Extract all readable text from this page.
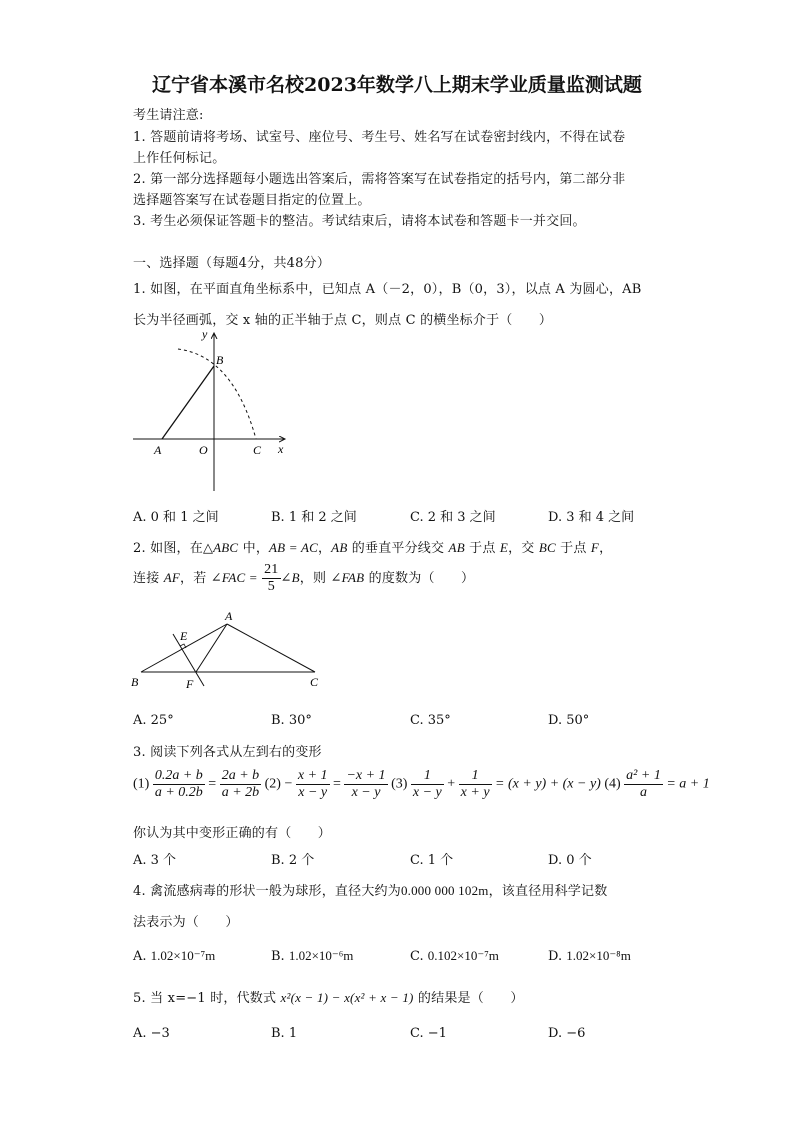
辽宁省本溪市名校2023年数学八上期末学业质量监测试题
考生请注意:
1. 答题前请将考场、试室号、座位号、考生号、姓名写在试卷密封线内，不得在试卷
上作任何标记。
2. 第一部分选择题每小题选出答案后，需将答案写在试卷指定的括号内，第二部分非
选择题答案写在试卷题目指定的位置上。
3. 考生必须保证答题卡的整洁。考试结束后，请将本试卷和答题卡一并交回。
一、选择题（每题4分，共48分）
1. 如图，在平面直角坐标系中，已知点 A（－2，0），B（0，3），以点 A 为圆心，AB
长为半径画弧，交 x 轴的正半轴于点 C，则点 C 的横坐标介于（　　）
y
B
A	O	C x
A. 0 和 1 之间	B. 1 和 2 之间	C. 2 和 3 之间	D. 3 和 4 之间
2. 如图，在△ABC 中，AB = AC，AB 的垂直平分线交 AB 于点 E，交 BC 于点 F，
连接 AF，若 ∠FAC = $\frac{21}{5}$ ∠B，则 ∠FAB 的度数为（　　）
A
E
B	F	C
A. 25°	B. 30°	C. 35°	D. 50°
3. 阅读下列各式从左到右的变形
$(1) \frac{0.2a + b}{a + 0.2b} = \frac{2a + b}{a + 2b} (2) - \frac{x + 1}{x - y} = \frac{-x + 1}{x - y} (3) \frac{1}{x - y} + \frac{1}{x + y} = (x + y) + (x - y)$ $(4) \frac{\text{a² + 1}}{a} = a + 1$
你认为其中变形正确的有（　　）
A. 3 个	B. 2 个	C. 1 个	D. 0 个
4. 禽流感病毒的形状一般为球形，直径大约为0.000 000 102m，该直径用科学记数
法表示为（　　）
A. 1.02×10⁻⁷m	B. 1.02×10⁻⁶m	C. 0.102×10⁻⁷m	D. 1.02×10⁻⁸m
5. 当 x=−1 时，代数式 x²(x − 1) − x(x² + x − 1) 的结果是（　　）
A. −3	B. 1	C. −1	D. −6
